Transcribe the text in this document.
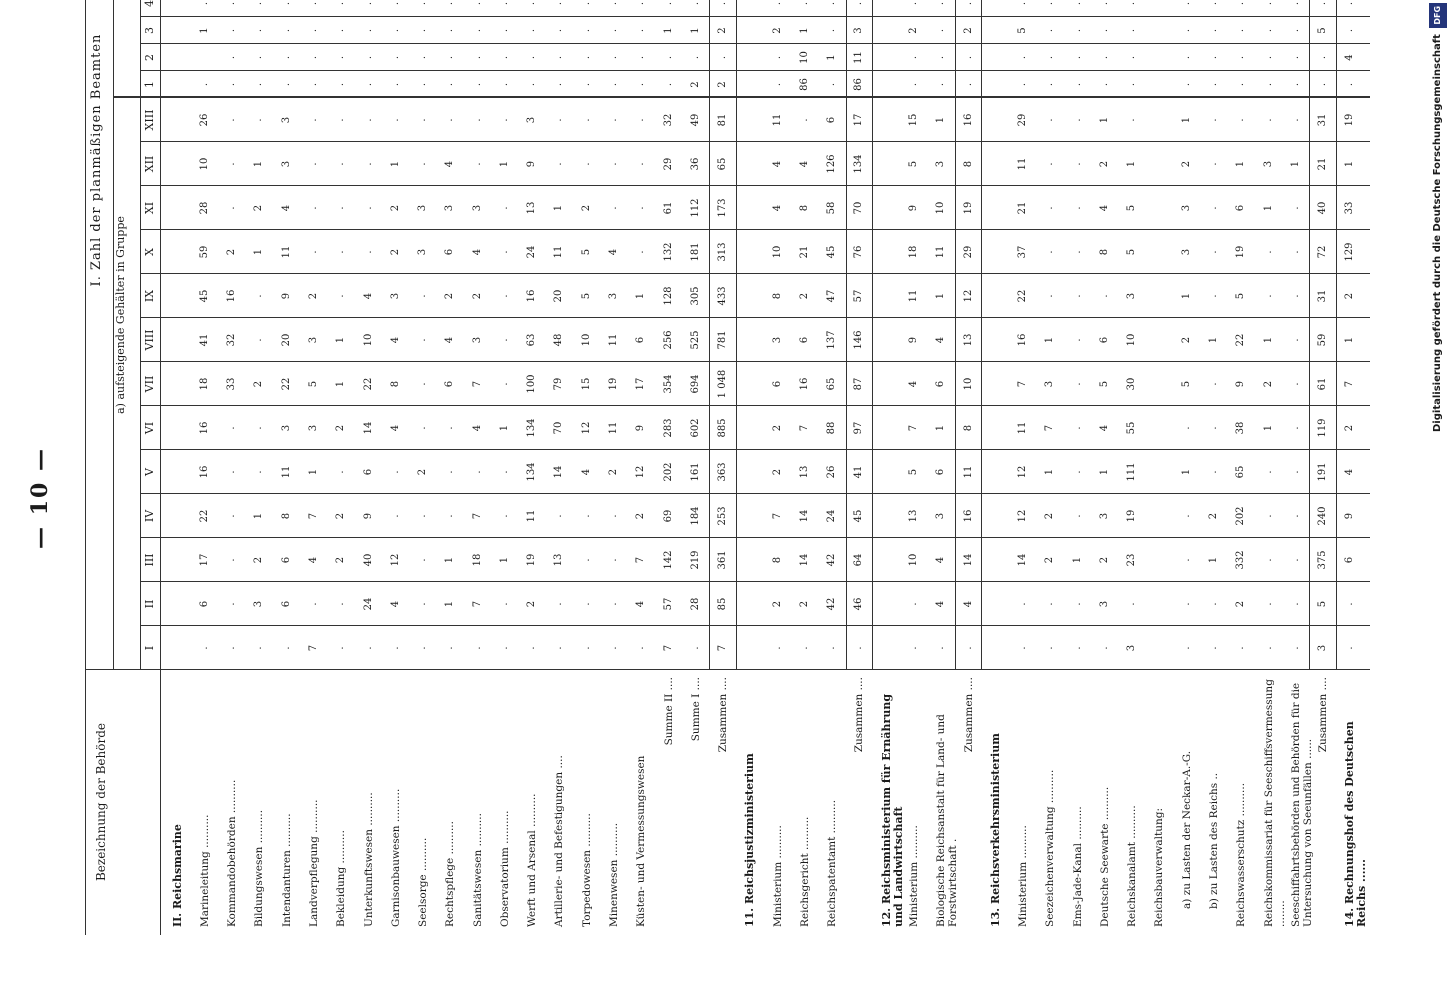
— 10 —
Digitalisierung gefördert durch die Deutsche Forschungsgemeinschaft DFG
Bezeichnung der Behörde
I. Zahl der planmäßigen Beamten
a) aufsteigende Gehälter in Gruppe
I
II
III
IV
V
VI
VII
VIII
IX
X
XI
XII
XIII
1
2
3
4
II. Reichsmarine Marineleitung ..........
.
6
17
22
16
16
18
41
45
59
28
10
26
.
1
.
Kommandobehörden ..........
.
.
.
.
.
.
33
32
16
2
.
.
.
.
.
.
.
Bildungswesen ..........
.
3
2
1
.
.
2
.
.
1
2
1
.
.
.
.
.
Intendanturen ..........
.
6
6
8
11
3
22
20
9
11
4
3
3
.
.
.
.
Landverpflegung ..........
7
.
4
7
1
3
5
3
2
.
.
.
.
.
.
.
.
Bekleidung ..........
.
.
2
2
.
2
1
1
.
.
.
.
.
.
.
.
.
Unterkunftswesen ..........
.
24
40
9
6
14
22
10
4
.
.
.
.
.
.
.
.
Garnisonbauwesen ..........
.
4
12
.
.
4
8
4
3
2
2
1
.
.
.
.
.
Seelsorge ..........
.
.
.
.
2
.
.
.
.
3
3
.
.
.
.
.
.
Rechtspflege ..........
.
1
1
.
.
.
6
4
2
6
3
4
.
.
.
.
.
Sanitätswesen ..........
.
7
18
7
.
4
7
3
2
4
3
.
.
.
.
.
.
Observatorium ..........
.
.
1
.
.
1
.
.
.
.
.
1
.
.
.
.
.
Werft und Arsenal ..........
.
2
19
11
134
134
100
63
16
24
13
9
3
.
.
.
.
Artillerie- und Befestigungen ....
.
.
13
.
14
70
79
48
20
11
1
.
.
.
.
.
.
Torpedowesen ..........
.
.
.
.
4
12
15
10
5
5
2
.
.
.
.
.
.
Minenwesen ..........
.
.
.
.
2
11
19
11
3
4
.
.
.
.
.
.
.
Küsten- und Vermessungswesen
.
4
7
2
12
9
17
6
1
.
.
.
.
.
.
.
.
Summe II ....
7
57
142
69
202
283
354
256
128
132
61
29
32
.
.
1
.
Summe I ....
.
28
219
184
161
602
694
525
305
181
112
36
49
2
.
1
.
Zusammen ....
7
85
361
253
363
885
1 048
781
433
313
173
65
81
2
.
2
.
11. Reichsjustizministerium Ministerium ..........
.
2
8
7
2
2
6
3
8
10
4
4
11
.
.
2
.
Reichsgericht ..........
.
2
14
14
13
7
16
6
2
21
8
4
.
86
10
1
.
Reichspatentamt ..........
.
42
42
24
26
88
65
137
47
45
58
126
6
.
1
.
.
Zusammen ....
.
46
64
45
41
97
87
146
57
76
70
134
17
86
11
3
.
12. Reichsministerium für Ernährung und Landwirtschaft Ministerium ..........
.
.
10
13
5
7
4
9
11
18
9
5
15
.
.
2
.
Biologische Reichsanstalt für Land- und Forstwirtschaft .
.
4
4
3
6
1
6
4
1
11
10
3
1
.
.
.
.
Zusammen ....
.
4
14
16
11
8
10
13
12
29
19
8
16
.
.
2
.
13. Reichsverkehrsministerium Ministerium ..........
.
.
14
12
12
11
7
16
22
37
21
11
29
.
.
5
.
Seezeichenverwaltung ..........
.
.
2
2
1
7
3
1
.
.
.
.
.
.
.
.
.
Ems-Jade-Kanal ..........
.
.
1
.
.
.
.
.
.
.
.
.
.
.
.
.
.
Deutsche Seewarte ..........
.
3
2
3
1
4
5
6
.
8
4
2
1
.
.
.
.
Reichskanalamt ..........
3
.
23
19
111
55
30
10
3
5
5
1
.
.
.
.
.
Reichsbauverwaltung: a) zu Lasten der Neckar-A.-G.
.
.
.
.
1
.
5
2
1
3
3
2
1
.
.
.
.
b) zu Lasten des Reichs ..
.
.
1
2
.
.
.
1
.
.
.
.
.
.
.
.
.
Reichswasserschutz ..........
.
2
332
202
65
38
9
22
5
19
6
1
.
.
.
.
.
Reichskommissariat für Seeschiffsvermessung ........
.
.
.
.
.
1
2
1
.
.
1
3
.
.
.
.
.
Seeschiffahrtsbehörden und Behörden für die Untersuchung von Seeunfällen ......
.
.
.
.
.
.
.
.
.
.
.
1
.
.
.
.
.
Zusammen ....
3
5
375
240
191
119
61
59
31
72
40
21
31
.
.
5
.
14. Rechnungshof des Deutschen Reichs ......
.
.
6
9
4
2
7
1
2
129
33
1
19
.
4
.
.
